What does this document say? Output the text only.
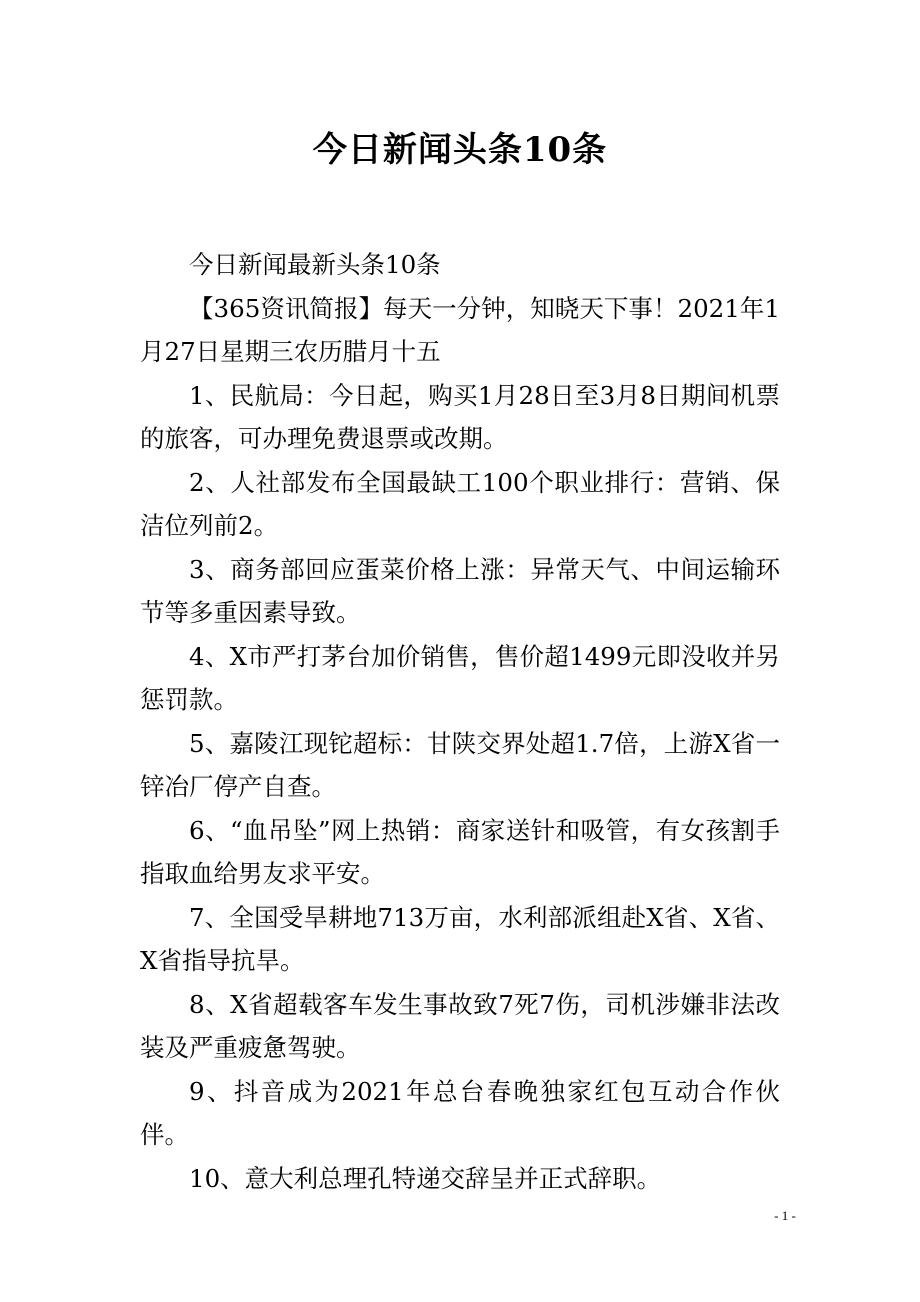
今日新闻头条10条

今日新闻最新头条10条

【365资讯简报】每天一分钟，知晓天下事！2021年1月27日星期三农历腊月十五

1、民航局：今日起，购买1月28日至3月8日期间机票的旅客，可办理免费退票或改期。

2、人社部发布全国最缺工100个职业排行：营销、保洁位列前2。

3、商务部回应蛋菜价格上涨：异常天气、中间运输环节等多重因素导致。

4、X市严打茅台加价销售，售价超1499元即没收并另惩罚款。

5、嘉陵江现铊超标：甘陕交界处超1.7倍，上游X省一锌冶厂停产自查。

6、“血吊坠”网上热销：商家送针和吸管，有女孩割手指取血给男友求平安。

7、全国受旱耕地713万亩，水利部派组赴X省、X省、X省指导抗旱。

8、X省超载客车发生事故致7死7伤，司机涉嫌非法改装及严重疲惫驾驶。

9、抖音成为2021年总台春晚独家红包互动合作伙伴。

10、意大利总理孔特递交辞呈并正式辞职。

- 1 -
